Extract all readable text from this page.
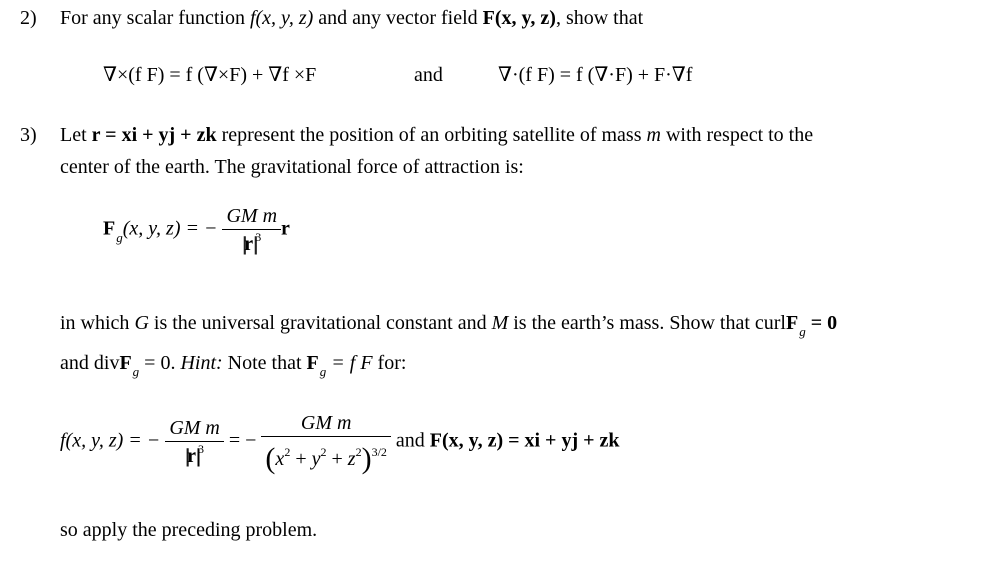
2) For any scalar function f(x, y, z) and any vector field F(x, y, z), show that
∇×(f F) = f (∇×F) + ∇f ×F	and	∇·(f F) = f (∇·F) + F·∇f
3) Let r = xi + yj + zk represent the position of an orbiting satellite of mass m with respect to the
center of the earth. The gravitational force of attraction is:
$F_g(x$, y, z) = − $\frac{\text{GM m}}{||r||^3}$ r
in which G is the universal gravitational constant and M is the earth’s mass. Show that curlF$_g$ = 0
and divF$_g$ = 0. Hint: Note that $F_g = f$ F for:
f(x, y, z) = − $\frac{\text{GM m}}{||r||^3}$ = − $\frac{\text{GM m}}{(x^2 + y^2 + z^2)^{3/2}}$ and F(x, y, z) = xi + yj + zk
so apply the preceding problem.
